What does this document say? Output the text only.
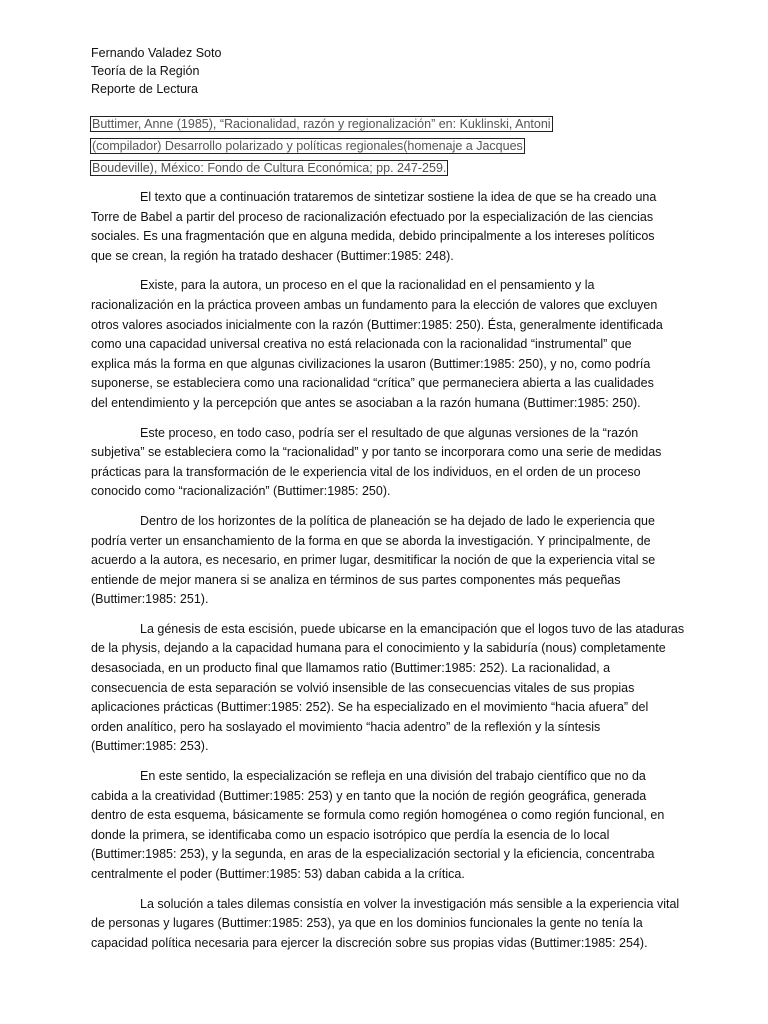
Fernando Valadez Soto
Teoría de la Región
Reporte de Lectura
Buttimer, Anne (1985), “Racionalidad, razón y regionalización” en: Kuklinski, Antoni
(compilador) Desarrollo polarizado y políticas regionales(homenaje a Jacques
Boudeville), México: Fondo de Cultura Económica; pp. 247-259.
El texto que a continuación trataremos de sintetizar sostiene la idea de que se ha creado una
Torre de Babel a partir del proceso de racionalización efectuado por la especialización de las ciencias
sociales. Es una fragmentación que en alguna medida, debido principalmente a los intereses políticos
que se crean, la región ha tratado deshacer (Buttimer:1985: 248).
Existe, para la autora, un proceso en el que la racionalidad en el pensamiento y la
racionalización en la práctica proveen ambas un fundamento para la elección de valores que excluyen
otros valores asociados inicialmente con la razón (Buttimer:1985: 250). Ésta, generalmente identificada
como una capacidad universal creativa no está relacionada con la racionalidad “instrumental” que
explica más la forma en que algunas civilizaciones la usaron (Buttimer:1985: 250), y no, como podría
suponerse, se estableciera como una racionalidad “crítica” que permaneciera abierta a las cualidades
del entendimiento y la percepción que antes se asociaban a la razón humana (Buttimer:1985: 250).
Este proceso, en todo caso, podría ser el resultado de que algunas versiones de la “razón
subjetiva” se estableciera como la “racionalidad” y por tanto se incorporara como una serie de medidas
prácticas para la transformación de le experiencia vital de los individuos, en el orden de un proceso
conocido como “racionalización” (Buttimer:1985: 250).
Dentro de los horizontes de la política de planeación se ha dejado de lado le experiencia que
podría verter un ensanchamiento de la forma en que se aborda la investigación. Y principalmente, de
acuerdo a la autora, es necesario, en primer lugar, desmitificar la noción de que la experiencia vital se
entiende de mejor manera si se analiza en términos de sus partes componentes más pequeñas
(Buttimer:1985: 251).
La génesis de esta escisión, puede ubicarse en la emancipación que el logos tuvo de las ataduras
de la physis, dejando a la capacidad humana para el conocimiento y la sabiduría (nous) completamente
desasociada, en un producto final que llamamos ratio (Buttimer:1985: 252). La racionalidad, a
consecuencia de esta separación se volvió insensible de las consecuencias vitales de sus propias
aplicaciones prácticas (Buttimer:1985: 252). Se ha especializado en el movimiento “hacia afuera” del
orden analítico, pero ha soslayado el movimiento “hacia adentro” de la reflexión y la síntesis
(Buttimer:1985: 253).
En este sentido, la especialización se refleja en una división del trabajo científico que no da
cabida a la creatividad (Buttimer:1985: 253) y en tanto que la noción de región geográfica, generada
dentro de esta esquema, básicamente se formula como región homogénea o como región funcional, en
donde la primera, se identificaba como un espacio isotrópico que perdía la esencia de lo local
(Buttimer:1985: 253), y la segunda, en aras de la especialización sectorial y la eficiencia, concentraba
centralmente el poder (Buttimer:1985: 53) daban cabida a la crítica.
La solución a tales dilemas consistía en volver la investigación más sensible a la experiencia vital
de personas y lugares (Buttimer:1985: 253), ya que en los dominios funcionales la gente no tenía la
capacidad política necesaria para ejercer la discreción sobre sus propias vidas (Buttimer:1985: 254).
